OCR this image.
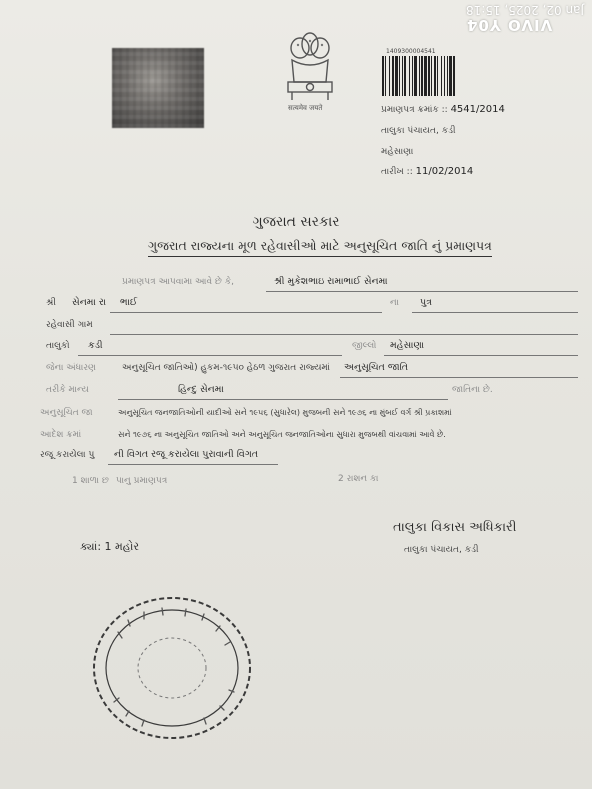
VIVO Y04
Jan 02, 2025, 15:18
सत्यमेव जयते
1409300004541
પ્રમાણપત્ર ક્રમાંક :: 4541/2014
તાલુકા પંચાયત, કડી
મહેસાણા
તારીખ :: 11/02/2014
ગુજરાત સરકાર
ગુજરાત રાજ્યના મૂળ રહેવાસીઓ માટે અનુસૂચિત જાતિ નું પ્રમાણપત્ર
પ્રમાણપત્ર આપવામા આવે છે કે,	શ્રી મુકેશભાઇ રામાભાઈ સેનમા
શ્રી સેનમા રા ભાઈ	ના પુત્ર
રહેવાસી ગામ
તાલુકો કડી	જીલ્લો મહેસાણા
જેના અંધારણ	અનુસૂચિત જાતિઓ) હુકમ-૧૯૫૦ હેઠળ ગુજરાત રાજ્યમાં અનુસૂચિત જાતિ
તરીકે માન્ય	હિન્દુ સેનમા	જાતિના છે.
અનુસૂચિત જા	અનુસૂચિત જનજાતિઓની યાદીઓ સને ૧૯૫૬ (સુધારેલ) મુજબની સને ૧૯૭૬ ના મુંબઈ વર્ગ શ્રી પ્રકાશમાં
આદેશ ક્રમાં	સને ૧૯૭૬ ના અનુસૂચિત જાતિઓ અને અનુસૂચિત જનજાતિઓના સુધારા મુજબથી વાંચવામાં આવે છે.
રજૂ કરાયેલા પુ ની વિગત રજૂ કરાયેલા પુરાવાની વિગત
1 શાળા છ પાનુ પ્રમાણપત્ર	2 રાશન કા
તાલુકા વિકાસ અધિકારી
તાલુકા પંચાયત, કડી
ક્યાં: 1 મહોર
